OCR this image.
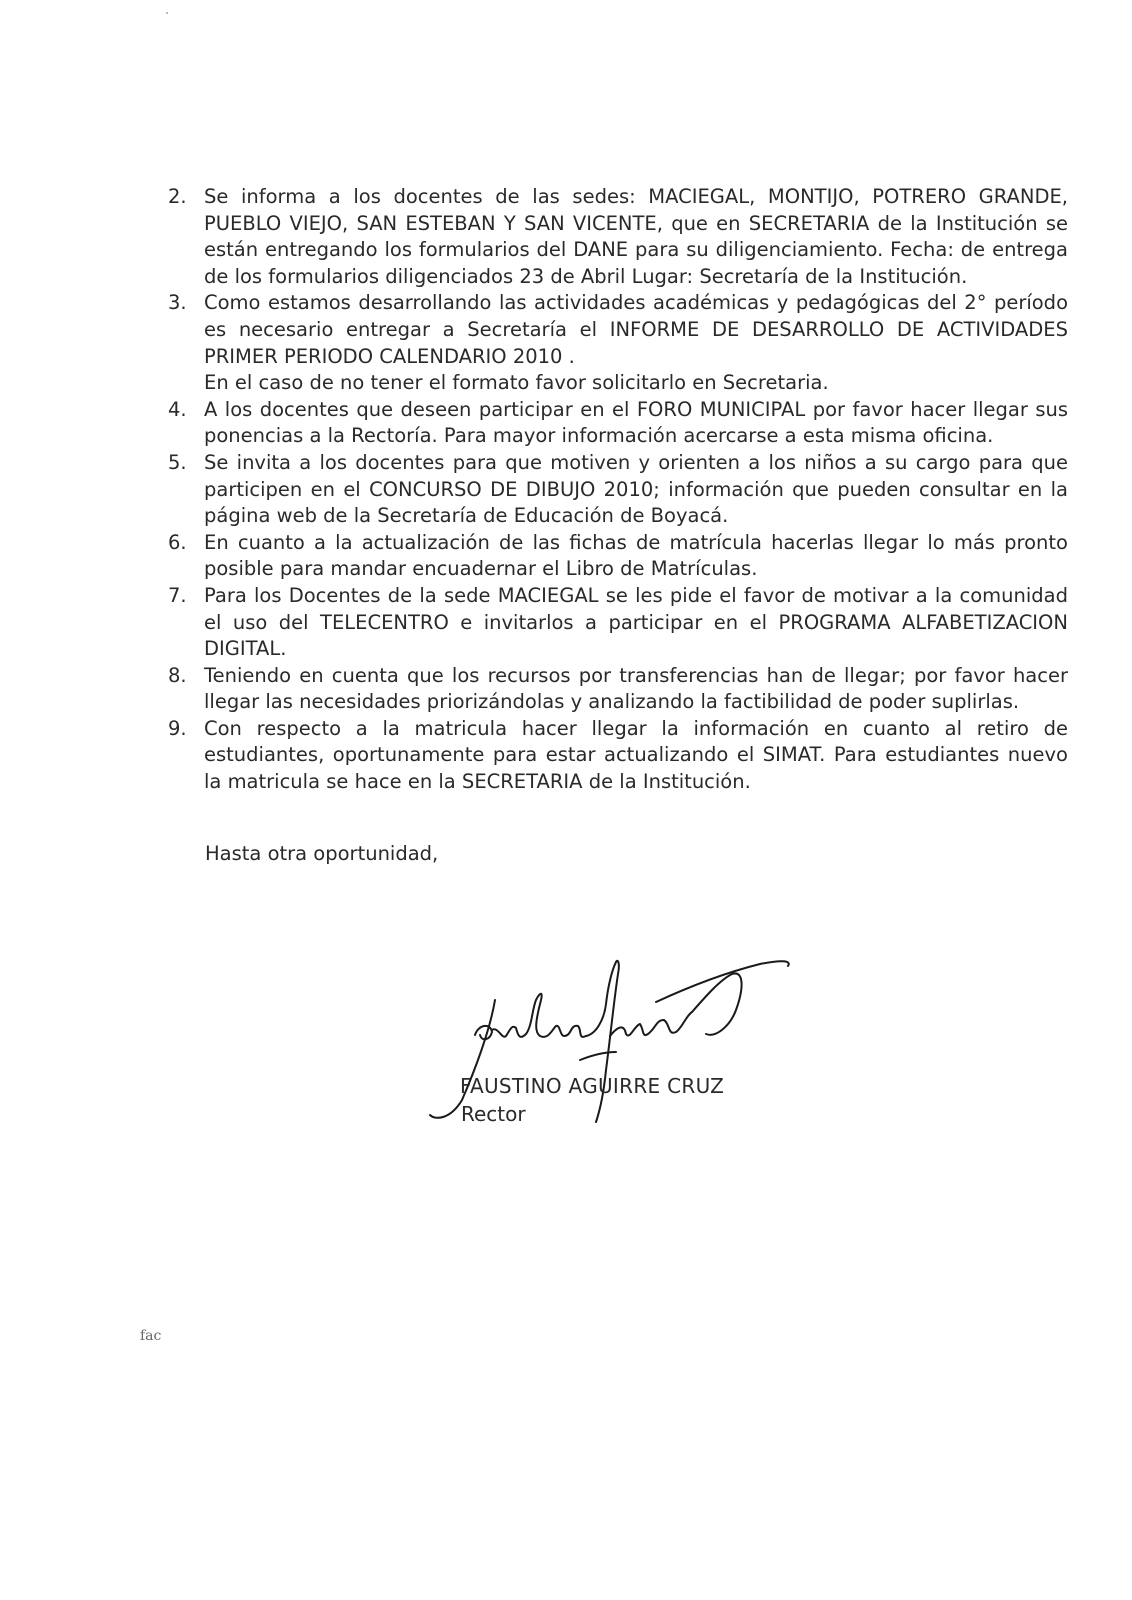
2. Se informa a los docentes de las sedes: MACIEGAL, MONTIJO, POTRERO GRANDE, PUEBLO VIEJO, SAN ESTEBAN Y SAN VICENTE, que en SECRETARIA de la Institución se están entregando los formularios del DANE para su diligenciamiento. Fecha: de entrega de los formularios diligenciados 23 de Abril Lugar: Secretaría de la Institución.
3. Como estamos desarrollando las actividades académicas y pedagógicas del 2° período es necesario entregar a Secretaría el INFORME DE DESARROLLO DE ACTIVIDADES PRIMER PERIODO CALENDARIO 2010 .
En el caso de no tener el formato favor solicitarlo en Secretaria.
4. A los docentes que deseen participar en el FORO MUNICIPAL por favor hacer llegar sus ponencias a la Rectoría. Para mayor información acercarse a esta misma oficina.
5. Se invita a los docentes para que motiven y orienten a los niños a su cargo para que participen en el CONCURSO DE DIBUJO 2010; información que pueden consultar en la página web de la Secretaría de Educación de Boyacá.
6. En cuanto a la actualización de las fichas de matrícula hacerlas llegar lo más pronto posible para mandar encuadernar el Libro de Matrículas.
7. Para los Docentes de la sede MACIEGAL se les pide el favor de motivar a la comunidad el uso del TELECENTRO e invitarlos a participar en el PROGRAMA ALFABETIZACION DIGITAL.
8. Teniendo en cuenta que los recursos por transferencias han de llegar; por favor hacer llegar las necesidades priorizándolas y analizando la factibilidad de poder suplirlas.
9. Con respecto a la matricula hacer llegar la información en cuanto al retiro de estudiantes, oportunamente para estar actualizando el SIMAT. Para estudiantes nuevo la matricula se hace en la SECRETARIA de la Institución.
Hasta otra oportunidad,
FAUSTINO AGUIRRE CRUZ
Rector
fac
